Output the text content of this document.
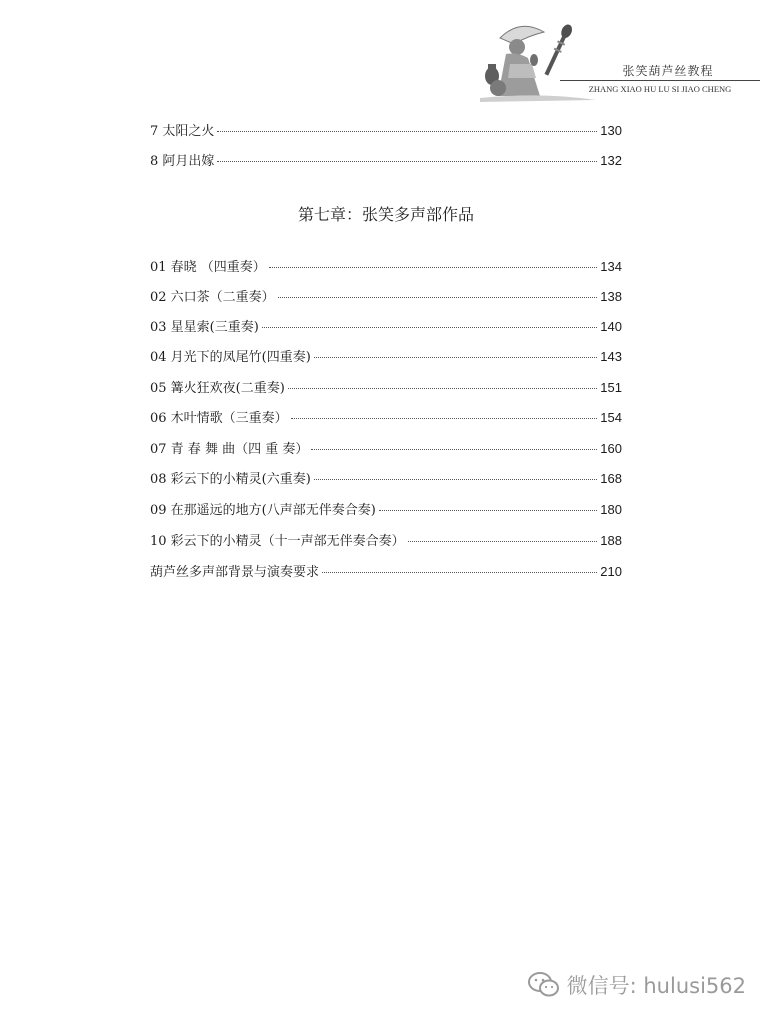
张笑葫芦丝教程
ZHANG XIAO HU LU SI JIAO CHENG
7 太阳之火	130
8 阿月出嫁	132
第七章：张笑多声部作品
01 春晓 （四重奏）	134
02 六口茶（二重奏）	138
03 星星索(三重奏)	140
04 月光下的凤尾竹(四重奏)	143
05 篝火狂欢夜(二重奏)	151
06 木叶情歌（三重奏）	154
07 青 春 舞 曲（四 重 奏）	160
08 彩云下的小精灵(六重奏)	168
09 在那遥远的地方(八声部无伴奏合奏)	180
10 彩云下的小精灵（十一声部无伴奏合奏）	188
葫芦丝多声部背景与演奏要求	210
微信号: hulusi562
